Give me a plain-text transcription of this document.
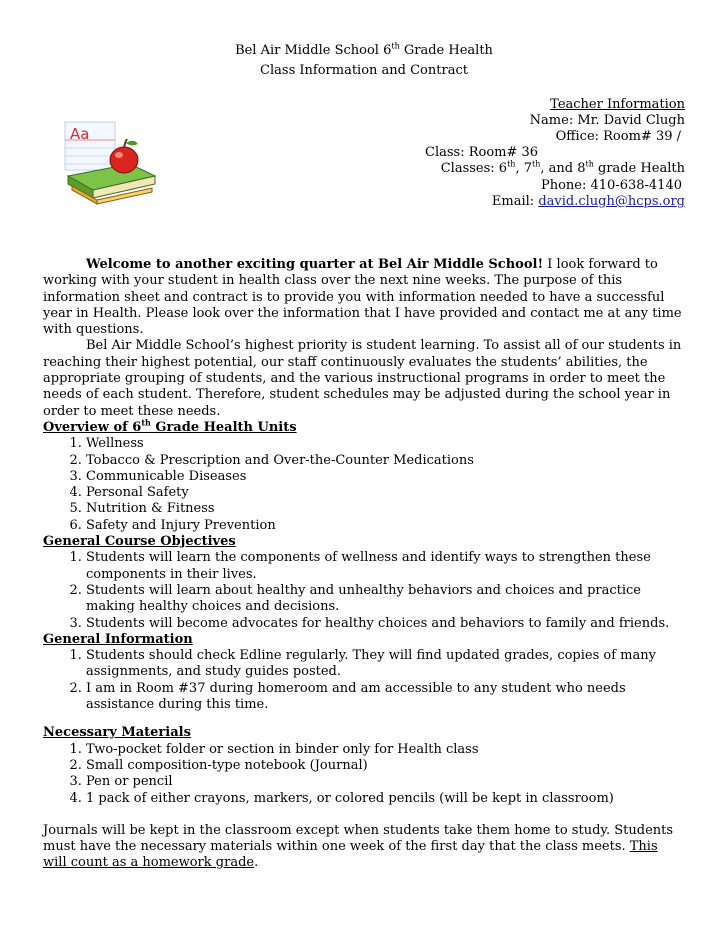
Bel Air Middle School 6th Grade Health
Class Information and Contract
Aa
Teacher Information
Name: Mr. David Clugh
Office: Room# 39 /
Class: Room# 36
Classes: 6th, 7th, and 8th grade Health
Phone: 410-638-4140
Email: david.clugh@hcps.org

Welcome to another exciting quarter at Bel Air Middle School! I look forward to working with your student in health class over the next nine weeks. The purpose of this information sheet and contract is to provide you with information needed to have a successful year in Health. Please look over the information that I have provided and contact me at any time with questions.

Bel Air Middle School’s highest priority is student learning. To assist all of our students in reaching their highest potential, our staff continuously evaluates the students’ abilities, the appropriate grouping of students, and the various instructional programs in order to meet the needs of each student. Therefore, student schedules may be adjusted during the school year in order to meet these needs.

Overview of 6th Grade Health Units

1. Wellness
2. Tobacco & Prescription and Over-the-Counter Medications
3. Communicable Diseases
4. Personal Safety
5. Nutrition & Fitness
6. Safety and Injury Prevention

General Course Objectives

1. Students will learn the components of wellness and identify ways to strengthen these components in their lives.
2. Students will learn about healthy and unhealthy behaviors and choices and practice making healthy choices and decisions.
3. Students will become advocates for healthy choices and behaviors to family and friends.

General Information

1. Students should check Edline regularly. They will find updated grades, copies of many assignments, and study guides posted.
2. I am in Room #37 during homeroom and am accessible to any student who needs assistance during this time.

Necessary Materials

1. Two-pocket folder or section in binder only for Health class
2. Small composition-type notebook (Journal)
3. Pen or pencil
4. 1 pack of either crayons, markers, or colored pencils (will be kept in classroom)

Journals will be kept in the classroom except when students take them home to study. Students must have the necessary materials within one week of the first day that the class meets. This will count as a homework grade.
